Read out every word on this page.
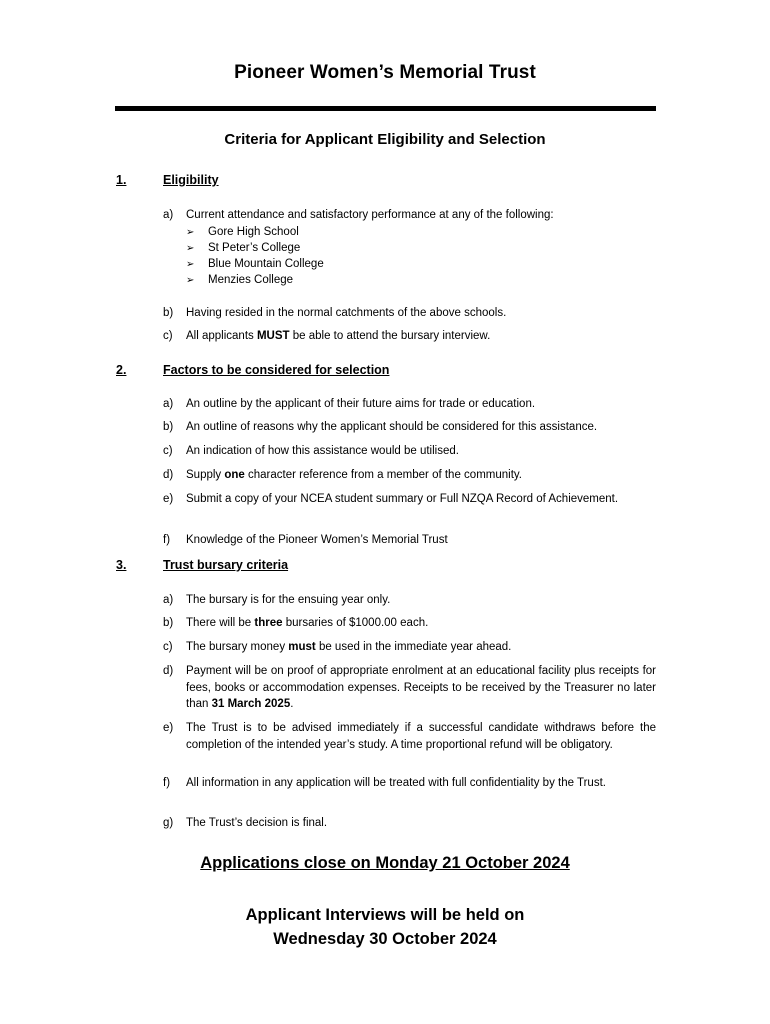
Pioneer Women’s Memorial Trust
Criteria for Applicant Eligibility and Selection
1.	Eligibility
a)	Current attendance and satisfactory performance at any of the following:
➢ Gore High School
➢ St Peter’s College
➢ Blue Mountain College
➢ Menzies College
b)	Having resided in the normal catchments of the above schools.
c)	All applicants MUST be able to attend the bursary interview.
2.	Factors to be considered for selection
a)	An outline by the applicant of their future aims for trade or education.
b)	An outline of reasons why the applicant should be considered for this assistance.
c)	An indication of how this assistance would be utilised.
d)	Supply one character reference from a member of the community.
e)	Submit a copy of your NCEA student summary or Full NZQA Record of Achievement.
f)	Knowledge of the Pioneer Women’s Memorial Trust
3.	Trust bursary criteria
a)	The bursary is for the ensuing year only.
b)	There will be three bursaries of $1000.00 each.
c)	The bursary money must be used in the immediate year ahead.
d)	Payment will be on proof of appropriate enrolment at an educational facility plus receipts for fees, books or accommodation expenses. Receipts to be received by the Treasurer no later than 31 March 2025.
e)	The Trust is to be advised immediately if a successful candidate withdraws before the completion of the intended year’s study. A time proportional refund will be obligatory.
f)	All information in any application will be treated with full confidentiality by the Trust.
g)	The Trust’s decision is final.
Applications close on Monday 21 October 2024
Applicant Interviews will be held on
Wednesday 30 October 2024
